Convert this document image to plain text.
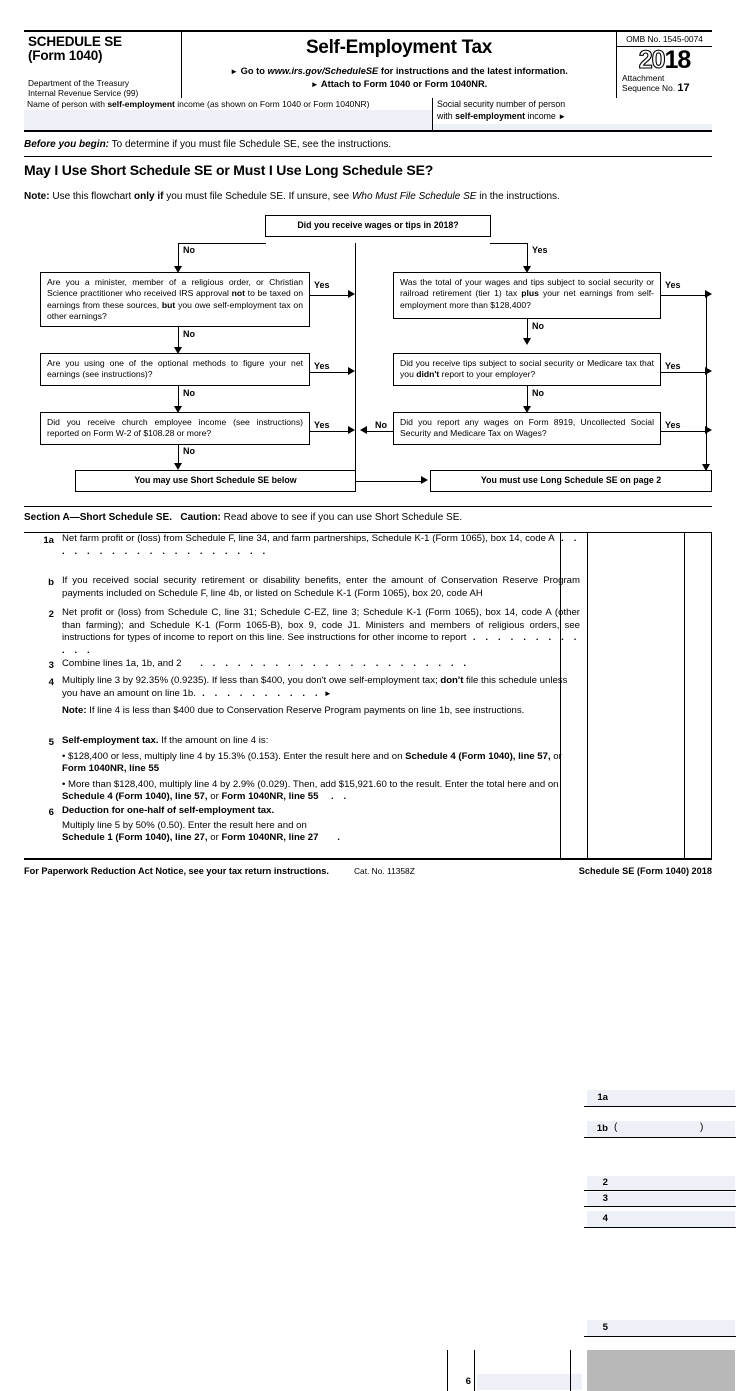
SCHEDULE SE
(Form 1040)
Department of the Treasury
Internal Revenue Service (99)
Self-Employment Tax
► Go to www.irs.gov/ScheduleSE for instructions and the latest information.
► Attach to Form 1040 or Form 1040NR.
OMB No. 1545-0074
2018
Attachment
Sequence No. 17
Name of person with self-employment income (as shown on Form 1040 or Form 1040NR)	Social security number of person
with self-employment income ►
Before you begin: To determine if you must file Schedule SE, see the instructions.
May I Use Short Schedule SE or Must I Use Long Schedule SE?
Note: Use this flowchart only if you must file Schedule SE. If unsure, see Who Must File Schedule SE in the instructions.
Did you receive wages or tips in 2018?
No	Yes
Are you a minister, member of a religious order, or Christian Science practitioner who received IRS approval not to be taxed on earnings from these sources, but you owe self-employment tax on other earnings?
Yes
No
Are you using one of the optional methods to figure your net earnings (see instructions)?
Yes
No
Did you receive church employee income (see instructions) reported on Form W-2 of $108.28 or more?
Yes
No
You may use Short Schedule SE below
Was the total of your wages and tips subject to social security or railroad retirement (tier 1) tax plus your net earnings from self-employment more than $128,400?
Yes
No
Did you receive tips subject to social security or Medicare tax that you didn't report to your employer?
Yes
No
Did you report any wages on Form 8919, Uncollected Social Security and Medicare Tax on Wages?
Yes
No
You must use Long Schedule SE on page 2
Section A—Short Schedule SE. Caution: Read above to see if you can use Short Schedule SE.
1a Net farm profit or (loss) from Schedule F, line 34, and farm partnerships, Schedule K-1 (Form 1065), box 14, code A . . . . . . . . . . . . . . . . . . .
1a
b If you received social security retirement or disability benefits, enter the amount of Conservation Reserve Program payments included on Schedule F, line 4b, or listed on Schedule K-1 (Form 1065), box 20, code AH
1b (	)
2 Net profit or (loss) from Schedule C, line 31; Schedule C-EZ, line 3; Schedule K-1 (Form 1065), box 14, code A (other than farming); and Schedule K-1 (Form 1065-B), box 9, code J1. Ministers and members of religious orders, see instructions for types of income to report on this line. See instructions for other income to report . . . . . . . . . . . .
2
3 Combine lines 1a, 1b, and 2   . . . . . . . . . . . . . . . . . . . . . .
3
4 Multiply line 3 by 92.35% (0.9235). If less than $400, you don't owe self-employment tax; don't file this schedule unless you have an amount on line 1b. . . . . . . . . . . ►
4
Note: If line 4 is less than $400 due to Conservation Reserve Program payments on line 1b, see instructions.
5 Self-employment tax. If the amount on line 4 is:
• $128,400 or less, multiply line 4 by 15.3% (0.153). Enter the result here and on Schedule 4 (Form 1040), line 57, or Form 1040NR, line 55
• More than $128,400, multiply line 4 by 2.9% (0.029). Then, add $15,921.60 to the result. Enter the total here and on Schedule 4 (Form 1040), line 57, or Form 1040NR, line 55  . .
5
6 Deduction for one-half of self-employment tax.
Multiply line 5 by 50% (0.50). Enter the result here and on
Schedule 1 (Form 1040), line 27, or Form 1040NR, line 27   .
6
For Paperwork Reduction Act Notice, see your tax return instructions.	Cat. No. 11358Z	Schedule SE (Form 1040) 2018
